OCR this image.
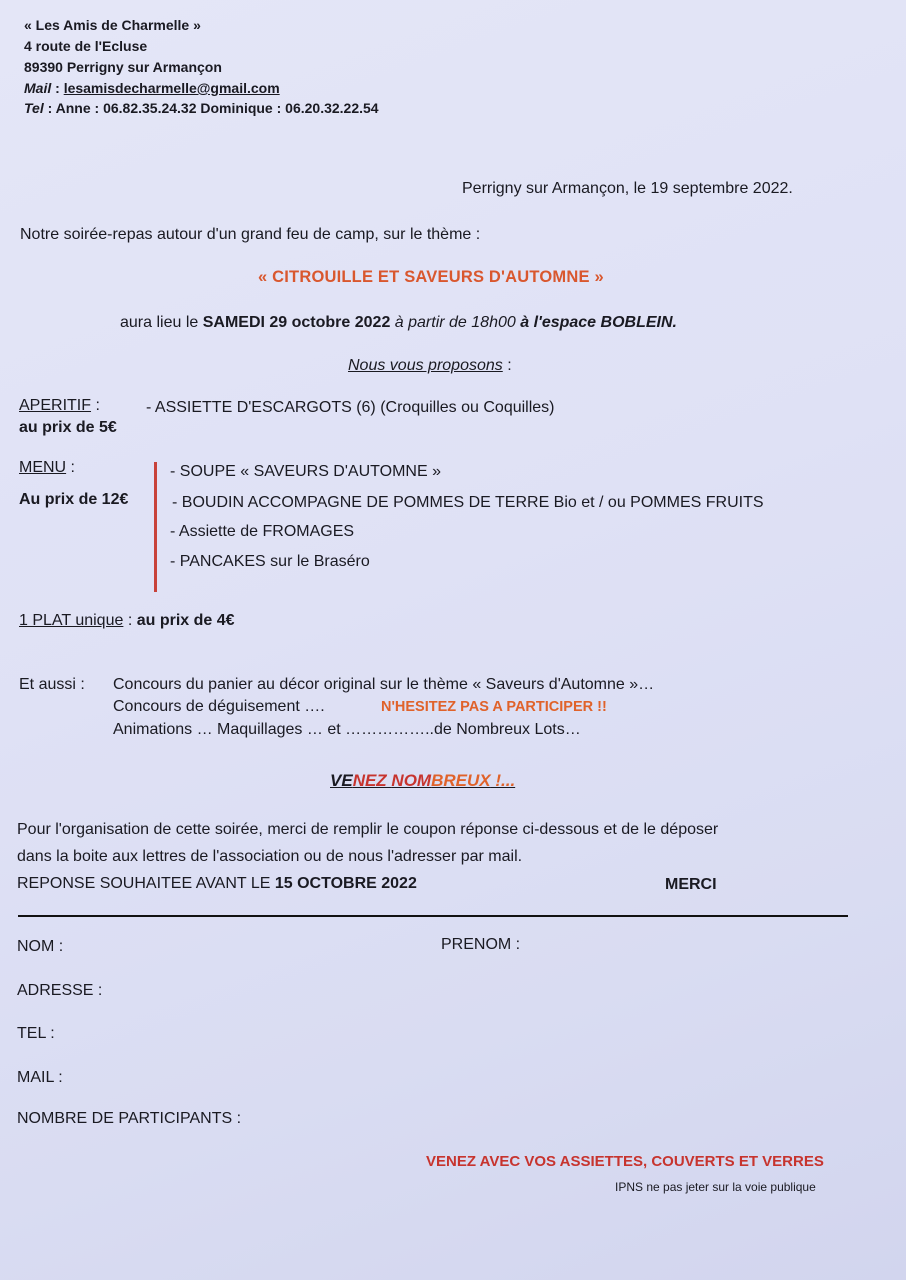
« Les Amis de Charmelle »
4 route de l'Ecluse
89390 Perrigny sur Armançon
Mail : lesamisdecharmelle@gmail.com
Tel : Anne : 06.82.35.24.32 Dominique : 06.20.32.22.54
Perrigny sur Armançon, le 19 septembre 2022.
Notre soirée-repas autour d'un grand feu de camp, sur le thème :
« CITROUILLE ET SAVEURS D'AUTOMNE »
aura lieu le SAMEDI 29 octobre 2022 à partir de 18h00 à l'espace BOBLEIN.
Nous vous proposons :
APERITIF :	- ASSIETTE D'ESCARGOTS (6) (Croquilles ou Coquilles)
au prix de 5€
MENU :
Au prix de 12€
- SOUPE « SAVEURS D'AUTOMNE »
- BOUDIN ACCOMPAGNE DE POMMES DE TERRE Bio et / ou POMMES FRUITS
- Assiette de FROMAGES
- PANCAKES sur le Braséro
1 PLAT unique : au prix de 4€
Et aussi : Concours du panier au décor original sur le thème « Saveurs d'Automne »…
Concours de déguisement ….	N'HESITEZ PAS A PARTICIPER !!
Animations … Maquillages … et ……………..de Nombreux Lots…
VENEZ NOMBREUX !...
Pour l'organisation de cette soirée, merci de remplir le coupon réponse ci-dessous et de le déposer
dans la boite aux lettres de l'association ou de nous l'adresser par mail.
REPONSE SOUHAITEE AVANT LE 15 OCTOBRE 2022	MERCI
NOM :	PRENOM :
ADRESSE :
TEL :
MAIL :
NOMBRE DE PARTICIPANTS :
VENEZ AVEC VOS ASSIETTES, COUVERTS ET VERRES
IPNS ne pas jeter sur la voie publique
